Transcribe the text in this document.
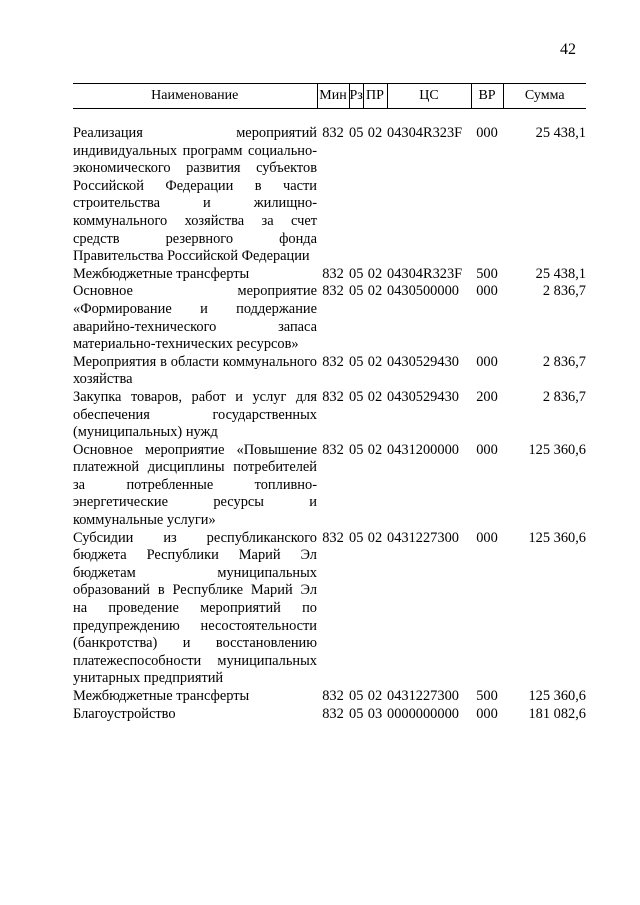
42
Наименование	Мин	Рз	ПР	ЦС	ВР	Сумма

Реализация мероприятий индивидуальных программ социально-экономического развития субъектов Российской Федерации в части строительства и жилищно-коммунального хозяйства за счет средств резервного фонда Правительства Российской Федерации	832	05	02	04304R323F	000	25 438,1
Межбюджетные трансферты	832	05	02	04304R323F	500	25 438,1
Основное мероприятие «Формирование и поддержание аварийно-технического запаса материально-технических ресурсов»	832	05	02	0430500000	000	2 836,7
Мероприятия в области коммунального хозяйства	832	05	02	0430529430	000	2 836,7
Закупка товаров, работ и услуг для обеспечения государственных (муниципальных) нужд	832	05	02	0430529430	200	2 836,7
Основное мероприятие «Повышение платежной дисциплины потребителей за потребленные топливно-энергетические ресурсы и коммунальные услуги»	832	05	02	0431200000	000	125 360,6
Субсидии из республиканского бюджета Республики Марий Эл бюджетам муниципальных образований в Республике Марий Эл на проведение мероприятий по предупреждению несостоятельности (банкротства) и восстановлению платежеспособности муниципальных унитарных предприятий	832	05	02	0431227300	000	125 360,6
Межбюджетные трансферты	832	05	02	0431227300	500	125 360,6
Благоустройство	832	05	03	0000000000	000	181 082,6
